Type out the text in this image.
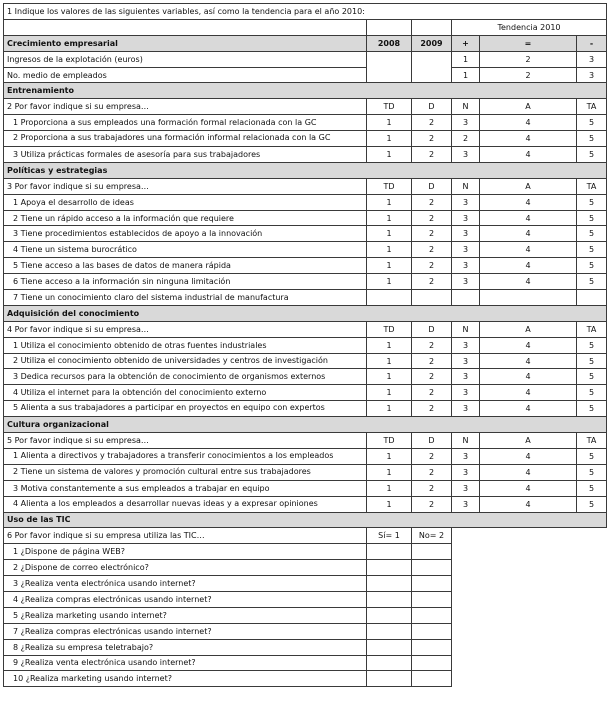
1 Indique los valores de las siguientes variables, así como la tendencia para el año 2010:					
			Tendencia 2010		
Crecimiento empresarial	2008	2009	+	=	-
Ingresos de la explotación (euros)			1	2	3
No. medio de empleados			1	2	3
Entrenamiento					
2 Por favor indique si su empresa…	TD	D	N	A	TA
1 Proporciona a sus empleados una formación formal relacionada con la GC	1	2	3	4	5
2 Proporciona a sus trabajadores una formación informal relacionada con la GC	1	2	2	4	5
3 Utiliza prácticas formales de asesoría para sus trabajadores	1	2	3	4	5
Políticas y estrategias					
3 Por favor indique si su empresa…	TD	D	N	A	TA
1 Apoya el desarrollo de ideas	1	2	3	4	5
2 Tiene un rápido acceso a la información que requiere	1	2	3	4	5
3 Tiene procedimientos establecidos de apoyo a la innovación	1	2	3	4	5
4 Tiene un sistema burocrático	1	2	3	4	5
5 Tiene acceso a las bases de datos de manera rápida	1	2	3	4	5
6 Tiene acceso a la información sin ninguna limitación	1	2	3	4	5
7 Tiene un conocimiento claro del sistema industrial de manufactura					
Adquisición del conocimiento					
4 Por favor indique si su empresa…	TD	D	N	A	TA
1 Utiliza el conocimiento obtenido de otras fuentes industriales	1	2	3	4	5
2 Utiliza el conocimiento obtenido de universidades y centros de investigación	1	2	3	4	5
3 Dedica recursos para la obtención de conocimiento de organismos externos	1	2	3	4	5
4 Utiliza el internet para la obtención del conocimiento externo	1	2	3	4	5
5 Alienta a sus trabajadores a participar en proyectos en equipo con expertos	1	2	3	4	5
Cultura organizacional					
5 Por favor indique si su empresa…	TD	D	N	A	TA
1 Alienta a directivos y trabajadores a transferir conocimientos a los empleados	1	2	3	4	5
2 Tiene un sistema de valores y promoción cultural entre sus trabajadores	1	2	3	4	5
3 Motiva constantemente a sus empleados a trabajar en equipo	1	2	3	4	5
4 Alienta a los empleados a desarrollar nuevas ideas y a expresar opiniones	1	2	3	4	5
Uso de las TIC					
6 Por favor indique si su empresa utiliza las TIC…	Sí= 1	No= 2			
1 ¿Dispone de página WEB?					
2 ¿Dispone de correo electrónico?					
3 ¿Realiza venta electrónica usando internet?					
4 ¿Realiza compras electrónicas usando internet?					
5 ¿Realiza marketing usando internet?					
7 ¿Realiza compras electrónicas usando internet?					
8 ¿Realiza su empresa teletrabajo?					
9 ¿Realiza venta electrónica usando internet?					
10 ¿Realiza marketing usando internet?					
